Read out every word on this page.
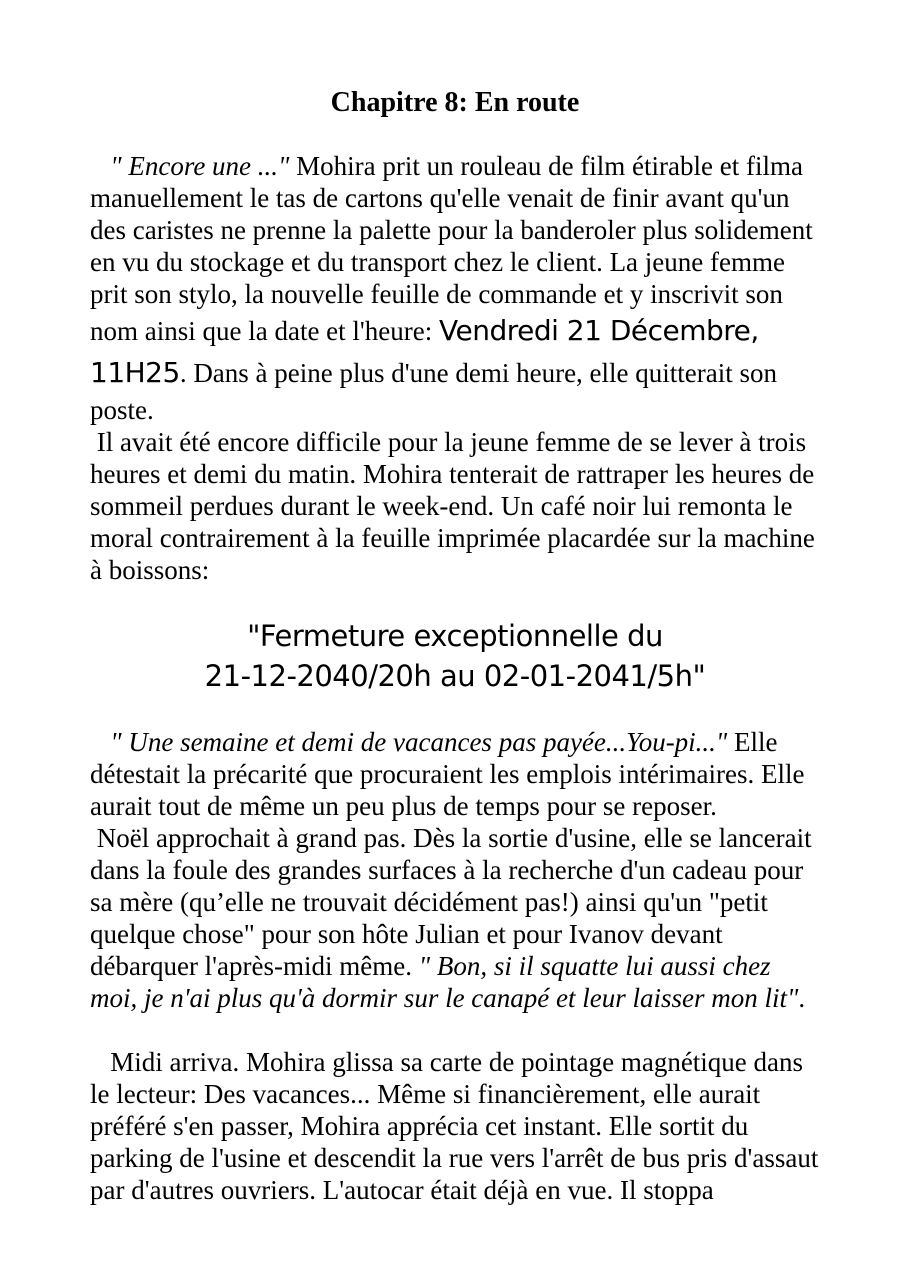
Chapitre 8: En route

" Encore une ..." Mohira prit un rouleau de film étirable et filma manuellement le tas de cartons qu'elle venait de finir avant qu'un des caristes ne prenne la palette pour la banderoler plus solidement en vu du stockage et du transport chez le client. La jeune femme prit son stylo, la nouvelle feuille de commande et y inscrivit son nom ainsi que la date et l'heure: Vendredi 21 Décembre, 11H25. Dans à peine plus d'une demi heure, elle quitterait son poste.

Il avait été encore difficile pour la jeune femme de se lever à trois heures et demi du matin. Mohira tenterait de rattraper les heures de sommeil perdues durant le week-end. Un café noir lui remonta le moral contrairement à la feuille imprimée placardée sur la machine à boissons:

"Fermeture exceptionnelle du
21-12-2040/20h au 02-01-2041/5h"

" Une semaine et demi de vacances pas payée...You-pi..." Elle détestait la précarité que procuraient les emplois intérimaires. Elle aurait tout de même un peu plus de temps pour se reposer.

Noël approchait à grand pas. Dès la sortie d'usine, elle se lancerait dans la foule des grandes surfaces à la recherche d'un cadeau pour sa mère (qu’elle ne trouvait décidément pas!) ainsi qu'un "petit quelque chose" pour son hôte Julian et pour Ivanov devant débarquer l'après-midi même. " Bon, si il squatte lui aussi chez moi, je n'ai plus qu'à dormir sur le canapé et leur laisser mon lit".

Midi arriva. Mohira glissa sa carte de pointage magnétique dans le lecteur: Des vacances... Même si financièrement, elle aurait préféré s'en passer, Mohira apprécia cet instant. Elle sortit du parking de l'usine et descendit la rue vers l'arrêt de bus pris d'assaut par d'autres ouvriers. L'autocar était déjà en vue. Il stoppa
